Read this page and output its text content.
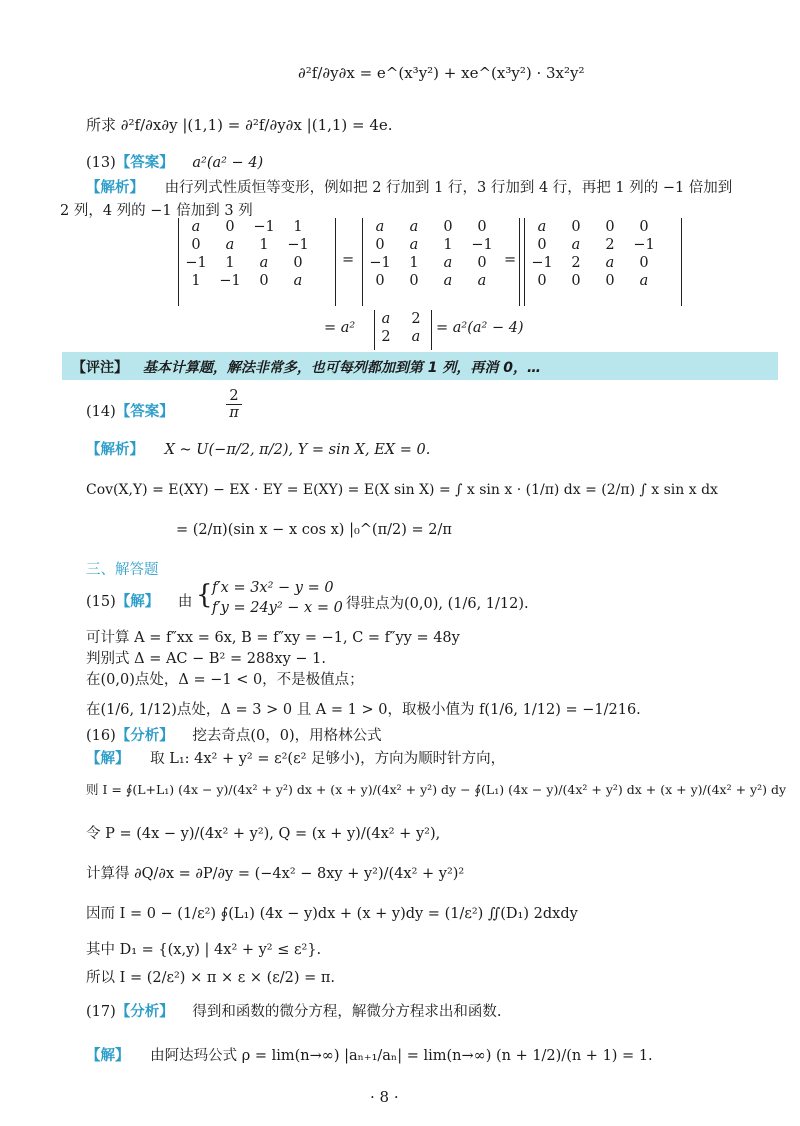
∂²f/∂y∂x = e^(x³y²) + xe^(x³y²) · 3x²y²
所求 ∂²f/∂x∂y |(1,1) = ∂²f/∂y∂x |(1,1) = 4e.
(13)【答案】 a²(a² − 4)
【解析】 由行列式性质恒等变形，例如把 2 行加到 1 行，3 行加到 4 行，再把 1 列的 −1 倍加到
2 列，4 列的 −1 倍加到 3 列
a	0	−1	1
0	a	1	−1
−1	1	a	0
1	−1	0	a
=
a	a	0	0
0	a	1	−1
−1	1	a	0
0	0	a	a
=
a	0	0	0
0	a	2	−1
−1	2	a	0
0	0	0	a
= a²
a	2
2	a
= a²(a² − 4)
【评注】 基本计算题，解法非常多，也可每列都加到第 1 列，再消 0，…
(14)【答案】	$\frac{2}{\pi}$
【解析】 X ~ U(−π/2, π/2), Y = sin X, EX = 0.
Cov(X,Y) = E(XY) − EX · EY = E(XY) = E(X sin X) = ∫ x sin x · (1/π) dx = (2/π) ∫ x sin x dx
= (2/π)(sin x − x cos x) |₀^(π/2) = 2/π
三、解答题
(15)【解】 由 { f′x = 3x² − y = 0
f′y = 24y² − x = 0 得驻点为(0,0), (1/6, 1/12).
可计算 A = f″xx = 6x, B = f″xy = −1, C = f″yy = 48y
判别式 Δ = AC − B² = 288xy − 1.
在(0,0)点处，Δ = −1 < 0，不是极值点；
在(1/6, 1/12)点处，Δ = 3 > 0 且 A = 1 > 0，取极小值为 f(1/6, 1/12) = −1/216.
(16)【分析】 挖去奇点(0，0)，用格林公式
【解】 取 L₁: 4x² + y² = ε²(ε² 足够小)，方向为顺时针方向，
则 I = ∮(L+L₁) (4x − y)/(4x² + y²) dx + (x + y)/(4x² + y²) dy − ∮(L₁) (4x − y)/(4x² + y²) dx + (x + y)/(4x² + y²) dy
令 P = (4x − y)/(4x² + y²), Q = (x + y)/(4x² + y²),
计算得 ∂Q/∂x = ∂P/∂y = (−4x² − 8xy + y²)/(4x² + y²)²
因而 I = 0 − (1/ε²) ∮(L₁) (4x − y)dx + (x + y)dy = (1/ε²) ∬(D₁) 2dxdy
其中 D₁ = {(x,y) | 4x² + y² ≤ ε²}.
所以 I = (2/ε²) × π × ε × (ε/2) = π.
(17)【分析】 得到和函数的微分方程，解微分方程求出和函数.
【解】 由阿达玛公式 ρ = lim(n→∞) |aₙ₊₁/aₙ| = lim(n→∞) (n + 1/2)/(n + 1) = 1.
· 8 ·
